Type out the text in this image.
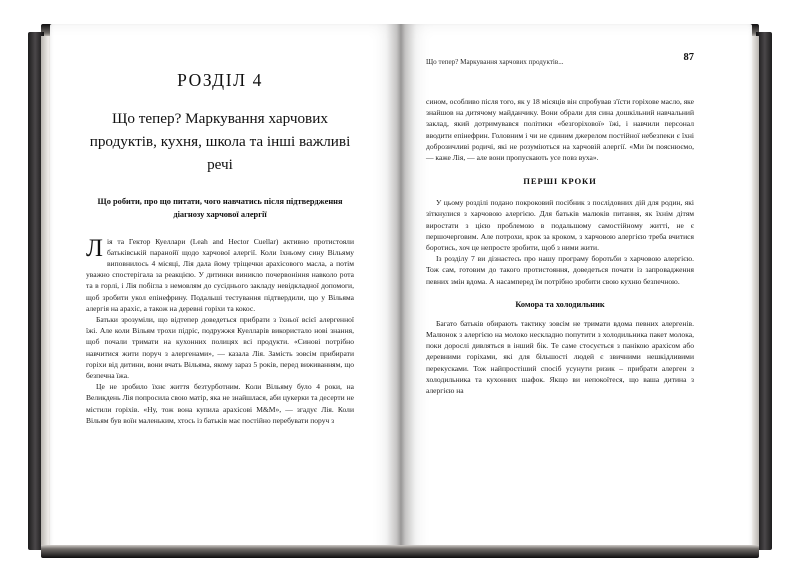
РОЗДІЛ 4
Що тепер? Маркування харчових продуктів, кухня, школа та інші важливі речі
Що робити, про що питати, чого навчатись після підтвердження діагнозу харчової алергії

Лія та Гектор Куеллари (Leah and Hector Cuellar) активно протистояли батьківській паранойї щодо харчової алергії. Коли їхньому сину Вільяму виповнилось 4 місяці, Лія дала йому тріщечки арахісового масла, а потім уважно спостерігала за реакцією. У дитинки виникло почервоніння навколо рота та в горлі, і Лія побігла з немовлям до сусіднього закладу невідкладної допомоги, щоб зробити укол епінефрину. Подальші тестування підтвердили, що у Вільяма алергія на арахіс, а також на деревні горіхи та кокос.

Батьки зрозуміли, що відтепер доведеться прибрати з їхньої всієї алергенної їжі. Але коли Вільям трохи підріс, подружжя Куелларів використало нові знання, щоб почали тримати на кухонних полицях всі продукти. «Синові потрібно навчитися жити поруч з алергенами», — казала Лія. Замість зовсім прибирати горіхи від дитини, вони вчать Вільяма, якому зараз 5 років, перед виживанням, що безпечна їжа.

Це не зробило їхнє життя безтурботним. Коли Вільяму було 4 роки, на Великдень Лія попросила свою матір, яка не знайшлася, аби цукерки та десерти не містили горіхів. «Ну, тож вона купила арахісові M&M», — згадує Лія. Коли Вільям був воїн маленьким, хтось із батьків має постійно перебувати поруч з

Що тепер? Маркування харчових продуктів...	87

сином, особливо після того, як у 18 місяців він спробував з'їсти горіхове масло, яке знайшов на дитячому майданчику. Вони обрали для сина дошкільний навчальний заклад, який дотримувався політики «безгоріхової» їжі, і навчили персонал вводити епінефрин. Головним і чи не єдиним джерелом постійної небезпеки є їхні доброзичливі родичі, які не розуміються на харчовій алергії. «Ми їм пояснюємо, — каже Лія, — але вони пропускають усе повз вуха».

ПЕРШІ КРОКИ

У цьому розділі подано покроковий посібник з послідовних дій для родин, які зіткнулися з харчовою алергією. Для батьків малюків питання, як їхнім дітям виростати з цією проблемою в подальшому самостійному житті, не є першочерговим. Але потрохи, крок за кроком, з харчовою алергією треба вчитися боротись, хоч це непросте зробити, щоб з ними жити.

Із розділу 7 ви дізнаєтесь про нашу програму боротьби з харчовою алергією. Тож сам, готовим до такого протистояння, доведеться почати із запровадження певних змін вдома. А насамперед їм потрібно зробити свою кухню безпечною.

Комора та холодильник

Багато батьків обирають тактику зовсім не тримати вдома певних алергенів. Малюнок з алергією на молоко нескладно попутити з холодильника пакет молока, поки дорослі дивляться в інший бік. Те саме стосується з панікою арахісом або деревними горіхами, які для більшості людей є звичними нешкідливими перекусками. Тож найпростіший спосіб усунути ризик – прибрати алерген з холодильника та кухонних шафок. Якщо ви непокоїтеся, що ваша дитина з алергією на
